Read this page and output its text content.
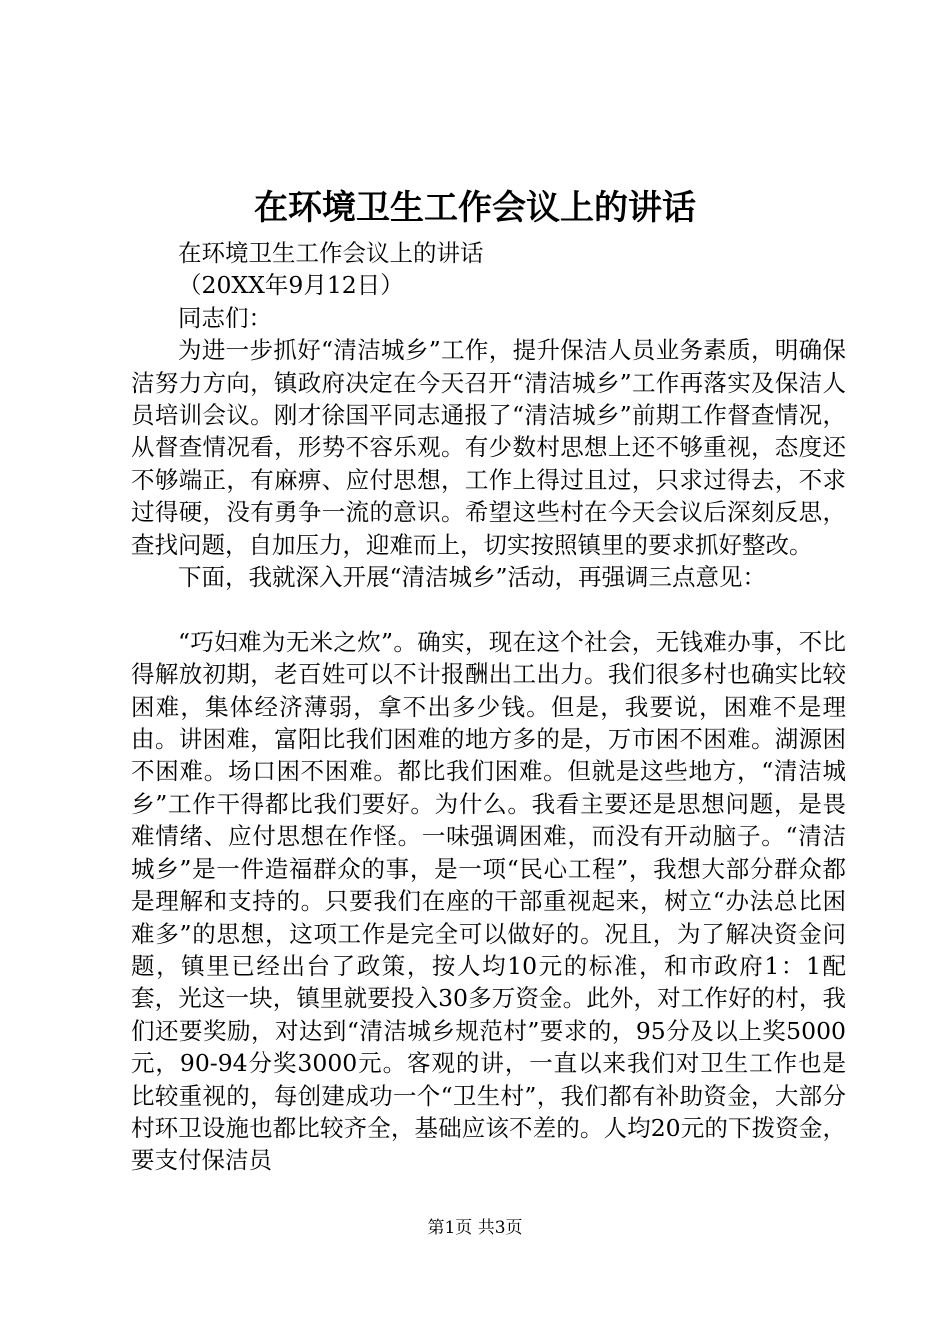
在环境卫生工作会议上的讲话

在环境卫生工作会议上的讲话

（20XX年9月12日）

同志们：

为进一步抓好“清洁城乡”工作，提升保洁人员业务素质，明确保洁努力方向，镇政府决定在今天召开“清洁城乡”工作再落实及保洁人员培训会议。刚才徐国平同志通报了“清洁城乡”前期工作督查情况，从督查情况看，形势不容乐观。有少数村思想上还不够重视，态度还不够端正，有麻痹、应付思想，工作上得过且过，只求过得去，不求过得硬，没有勇争一流的意识。希望这些村在今天会议后深刻反思，查找问题，自加压力，迎难而上，切实按照镇里的要求抓好整改。

下面，我就深入开展“清洁城乡”活动，再强调三点意见：

“巧妇难为无米之炊”。确实，现在这个社会，无钱难办事，不比得解放初期，老百姓可以不计报酬出工出力。我们很多村也确实比较困难，集体经济薄弱，拿不出多少钱。但是，我要说，困难不是理由。讲困难，富阳比我们困难的地方多的是，万市困不困难。湖源困不困难。场口困不困难。都比我们困难。但就是这些地方，“清洁城乡”工作干得都比我们要好。为什么。我看主要还是思想问题，是畏难情绪、应付思想在作怪。一味强调困难，而没有开动脑子。“清洁城乡”是一件造福群众的事，是一项“民心工程”，我想大部分群众都是理解和支持的。只要我们在座的干部重视起来，树立“办法总比困难多”的思想，这项工作是完全可以做好的。况且，为了解决资金问题，镇里已经出台了政策，按人均10元的标准，和市政府1：1配套，光这一块，镇里就要投入30多万资金。此外，对工作好的村，我们还要奖励，对达到“清洁城乡规范村”要求的，95分及以上奖5000元，90-94分奖3000元。客观的讲，一直以来我们对卫生工作也是比较重视的，每创建成功一个“卫生村”，我们都有补助资金，大部分村环卫设施也都比较齐全，基础应该不差的。人均20元的下拨资金，要支付保洁员

第1页 共3页
